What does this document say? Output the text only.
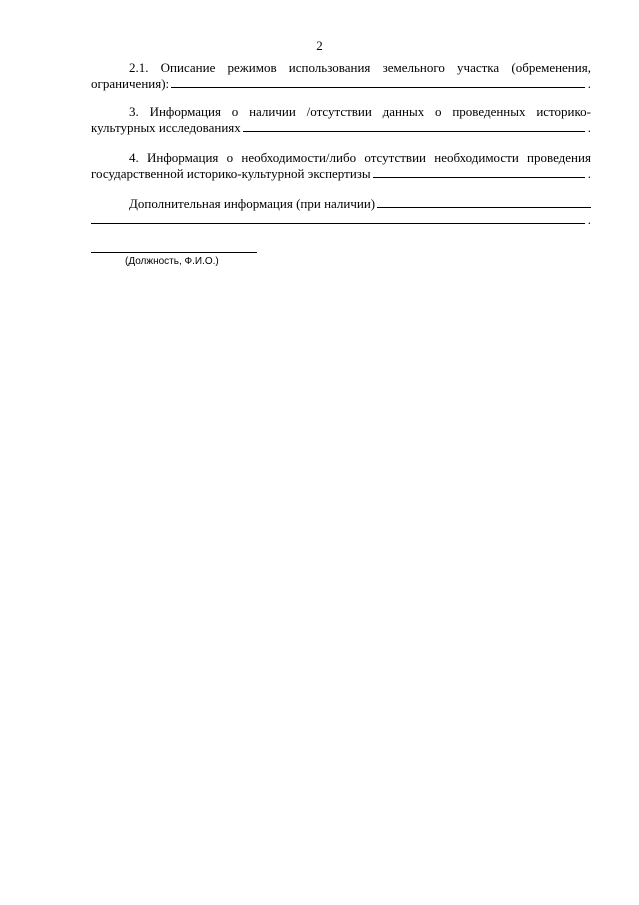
2
2.1. Описание режимов использования земельного участка (обременения,
ограничения):	.
3. Информация о наличии /отсутствии данных о проведенных историко-
культурных исследованиях	.
4. Информация о необходимости/либо отсутствии необходимости проведения
государственной историко-культурной экспертизы	.
Дополнительная информация (при наличии)
.
(Должность, Ф.И.О.)
